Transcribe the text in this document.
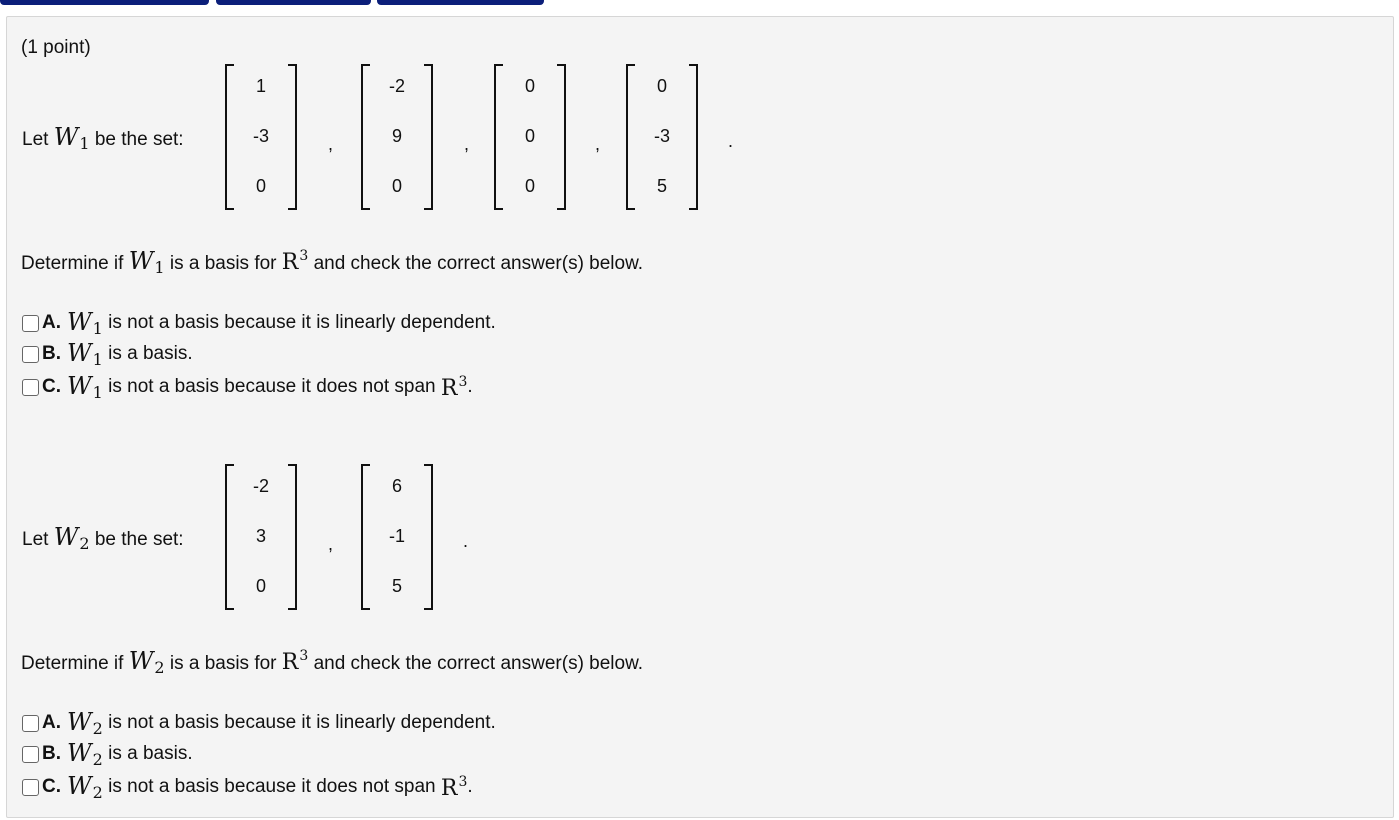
(1 point)
Let $W_1$ be the set:
1
-3
0
,
-2
9
0
,
0
0
0
,
0
-3
5
.
Determine if $W_1$ is a basis for $R^3$ and check the correct answer(s) below.
A. $W_1$
is not a basis because it is linearly dependent.
B. $W_1$
is a basis.
C. $W_1$
is not a basis because it does not span
$R^3$ .
Let $W_2$ be the set:
-2
3
0
,
6
-1
5
.
Determine if $W_2$ is a basis for $R^3$ and check the correct answer(s) below.
A. $W_2$
is not a basis because it is linearly dependent.
B. $W_2$
is a basis.
C. $W_2$
is not a basis because it does not span
$R^3$ .
